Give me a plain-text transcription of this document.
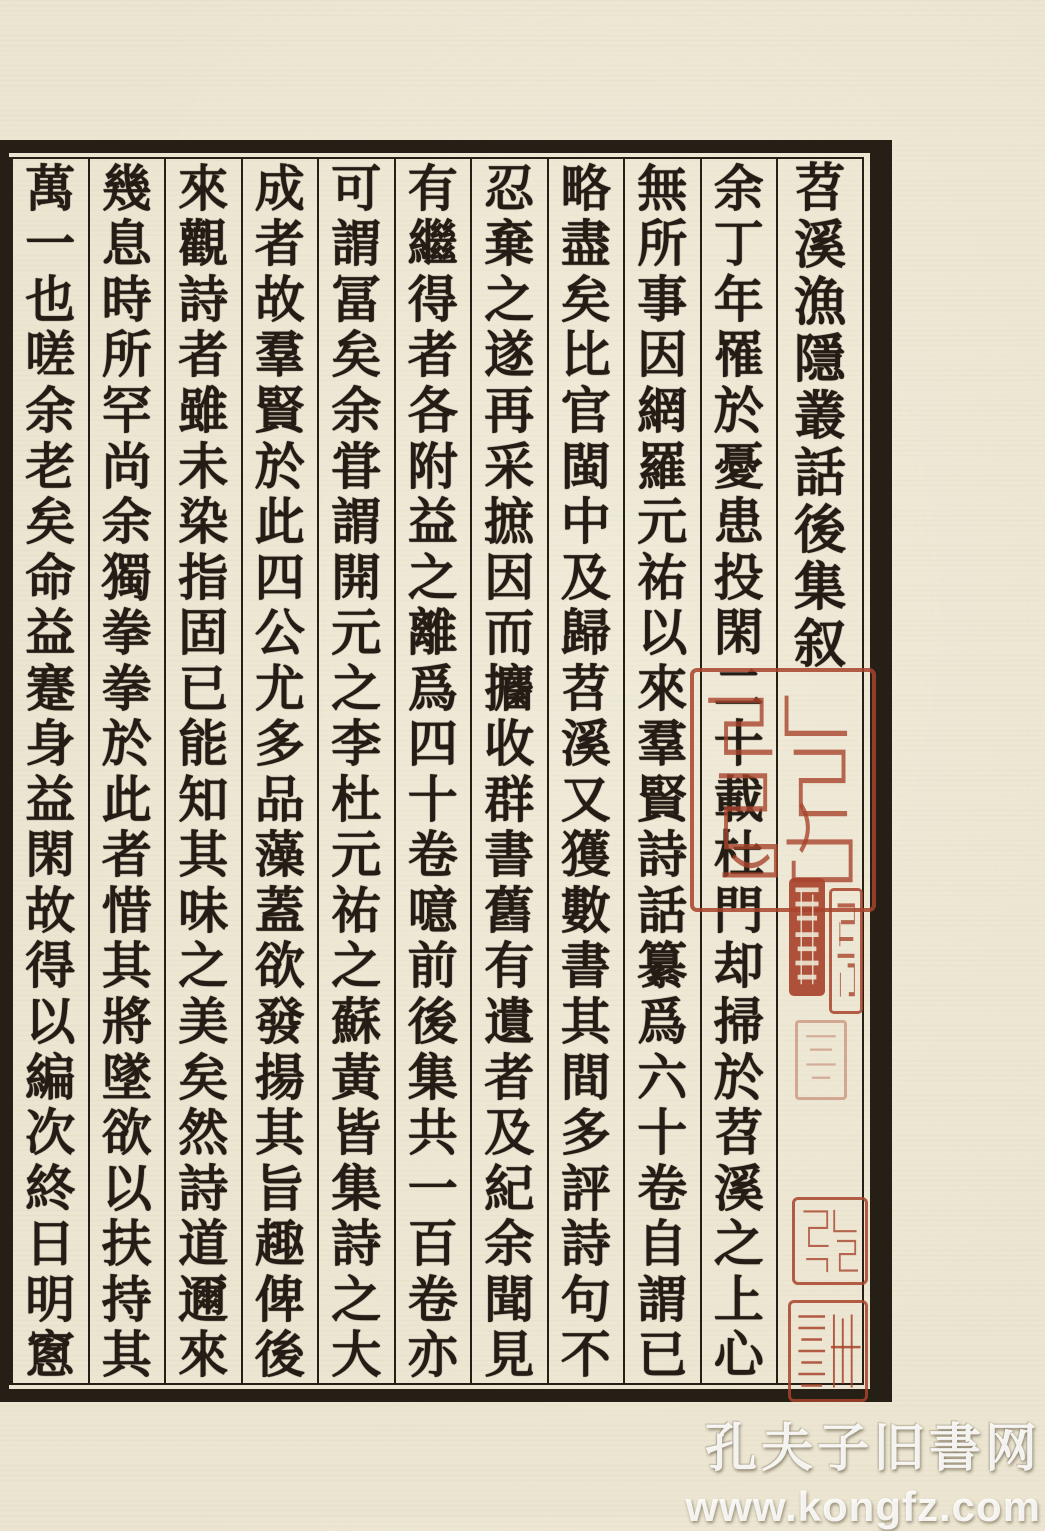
苕
溪
漁
隱
叢
話
後
集
叙
余
丁
年
罹
於
憂
患
投
閑
二
十
載
杜
門
却
掃
於
苕
溪
之
上
心
無
所
事
因
網
羅
元
祐
以
來
羣
賢
詩
話
纂
爲
六
十
卷
自
謂
已
略
盡
矣
比
官
閩
中
及
歸
苕
溪
又
獲
數
書
其
間
多
評
詩
句
不
忍
棄
之
遂
再
采
摭
因
而
攟
收
群
書
舊
有
遺
者
及
紀
余
聞
見
有
繼
得
者
各
附
益
之
離
爲
四
十
卷
噫
前
後
集
共
一
百
卷
亦
可
謂
冨
矣
余
甞
謂
開
元
之
李
杜
元
祐
之
蘇
黃
皆
集
詩
之
大
成
者
故
羣
賢
於
此
四
公
尤
多
品
藻
蓋
欲
發
揚
其
旨
趣
俾
後
來
觀
詩
者
雖
未
染
指
固
已
能
知
其
味
之
美
矣
然
詩
道
邇
來
幾
息
時
所
罕
尚
余
獨
拳
拳
於
此
者
惜
其
將
墜
欲
以
扶
持
其
萬
一
也
嗟
余
老
矣
命
益
蹇
身
益
閑
故
得
以
編
次
終
日
明
窻
孔夫子旧書网
www.kongfz.com
